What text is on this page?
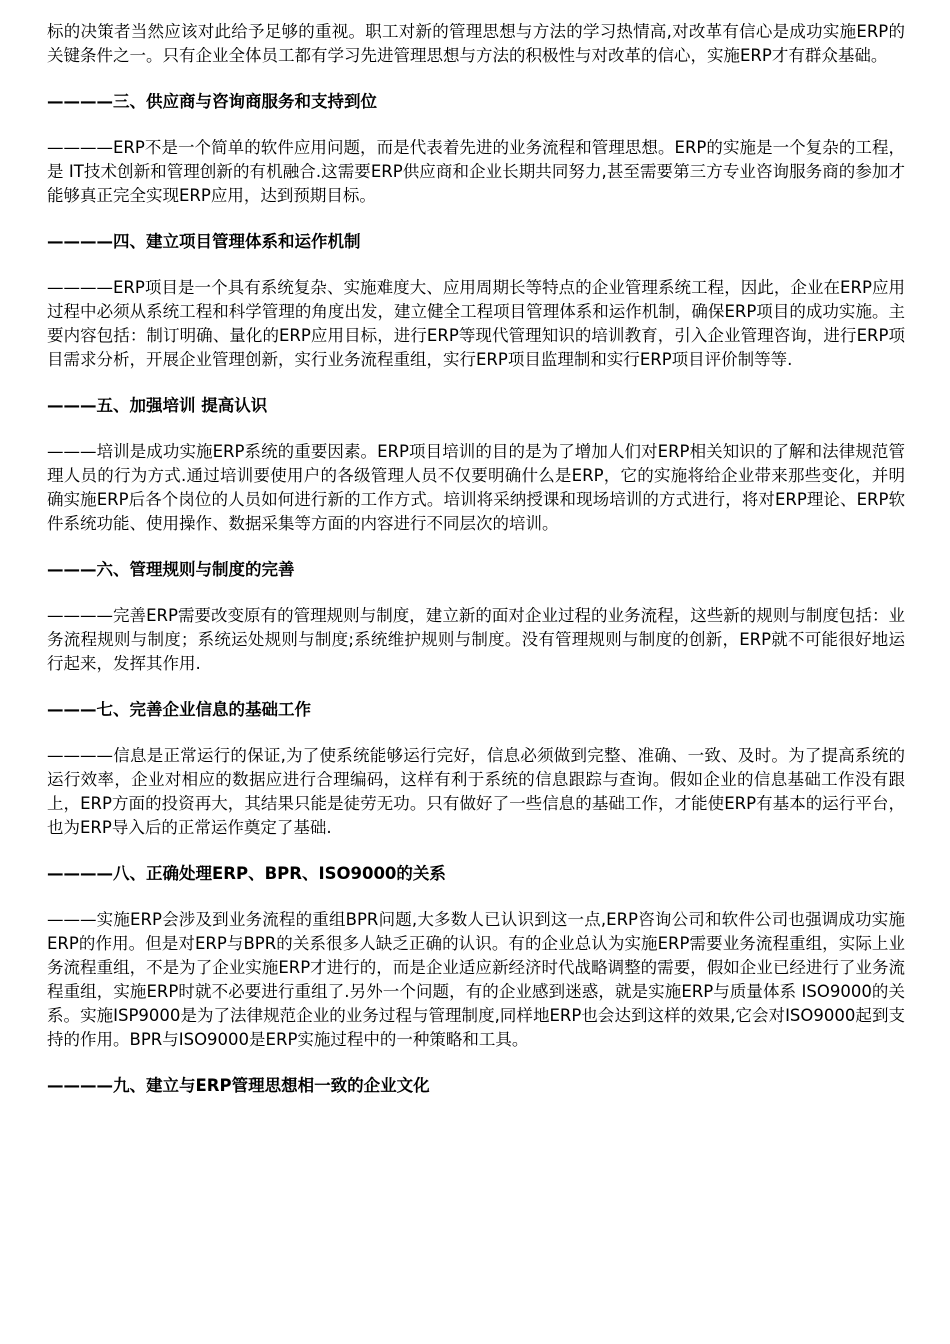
标的决策者当然应该对此给予足够的重视。职工对新的管理思想与方法的学习热情高,对改革有信心是成功实施ERP的关键条件之一。只有企业全体员工都有学习先进管理思想与方法的积极性与对改革的信心，实施ERP才有群众基础。

————三、供应商与咨询商服务和支持到位

————ERP不是一个简单的软件应用问题，而是代表着先进的业务流程和管理思想。ERP的实施是一个复杂的工程，是 IT技术创新和管理创新的有机融合.这需要ERP供应商和企业长期共同努力,甚至需要第三方专业咨询服务商的参加才能够真正完全实现ERP应用，达到预期目标。

————四、建立项目管理体系和运作机制

————ERP项目是一个具有系统复杂、实施难度大、应用周期长等特点的企业管理系统工程，因此，企业在ERP应用过程中必须从系统工程和科学管理的角度出发，建立健全工程项目管理体系和运作机制，确保ERP项目的成功实施。主要内容包括：制订明确、量化的ERP应用目标，进行ERP等现代管理知识的培训教育，引入企业管理咨询，进行ERP项目需求分析，开展企业管理创新，实行业务流程重组，实行ERP项目监理制和实行ERP项目评价制等等.

———五、加强培训 提高认识

———培训是成功实施ERP系统的重要因素。ERP项目培训的目的是为了增加人们对ERP相关知识的了解和法律规范管理人员的行为方式.通过培训要使用户的各级管理人员不仅要明确什么是ERP，它的实施将给企业带来那些变化，并明确实施ERP后各个岗位的人员如何进行新的工作方式。培训将采纳授课和现场培训的方式进行，将对ERP理论、ERP软件系统功能、使用操作、数据采集等方面的内容进行不同层次的培训。

———六、管理规则与制度的完善

————完善ERP需要改变原有的管理规则与制度，建立新的面对企业过程的业务流程，这些新的规则与制度包括：业务流程规则与制度；系统运处规则与制度;系统维护规则与制度。没有管理规则与制度的创新，ERP就不可能很好地运行起来，发挥其作用.

———七、完善企业信息的基础工作

————信息是正常运行的保证,为了使系统能够运行完好，信息必须做到完整、准确、一致、及时。为了提高系统的运行效率，企业对相应的数据应进行合理编码，这样有利于系统的信息跟踪与查询。假如企业的信息基础工作没有跟上，ERP方面的投资再大，其结果只能是徒劳无功。只有做好了一些信息的基础工作，才能使ERP有基本的运行平台，也为ERP导入后的正常运作奠定了基础.

————八、正确处理ERP、BPR、ISO9000的关系

———实施ERP会涉及到业务流程的重组BPR问题,大多数人已认识到这一点,ERP咨询公司和软件公司也强调成功实施ERP的作用。但是对ERP与BPR的关系很多人缺乏正确的认识。有的企业总认为实施ERP需要业务流程重组，实际上业务流程重组，不是为了企业实施ERP才进行的，而是企业适应新经济时代战略调整的需要，假如企业已经进行了业务流程重组，实施ERP时就不必要进行重组了.另外一个问题，有的企业感到迷惑，就是实施ERP与质量体系 ISO9000的关系。实施ISP9000是为了法律规范企业的业务过程与管理制度,同样地ERP也会达到这样的效果,它会对ISO9000起到支持的作用。BPR与ISO9000是ERP实施过程中的一种策略和工具。

————九、建立与ERP管理思想相一致的企业文化
